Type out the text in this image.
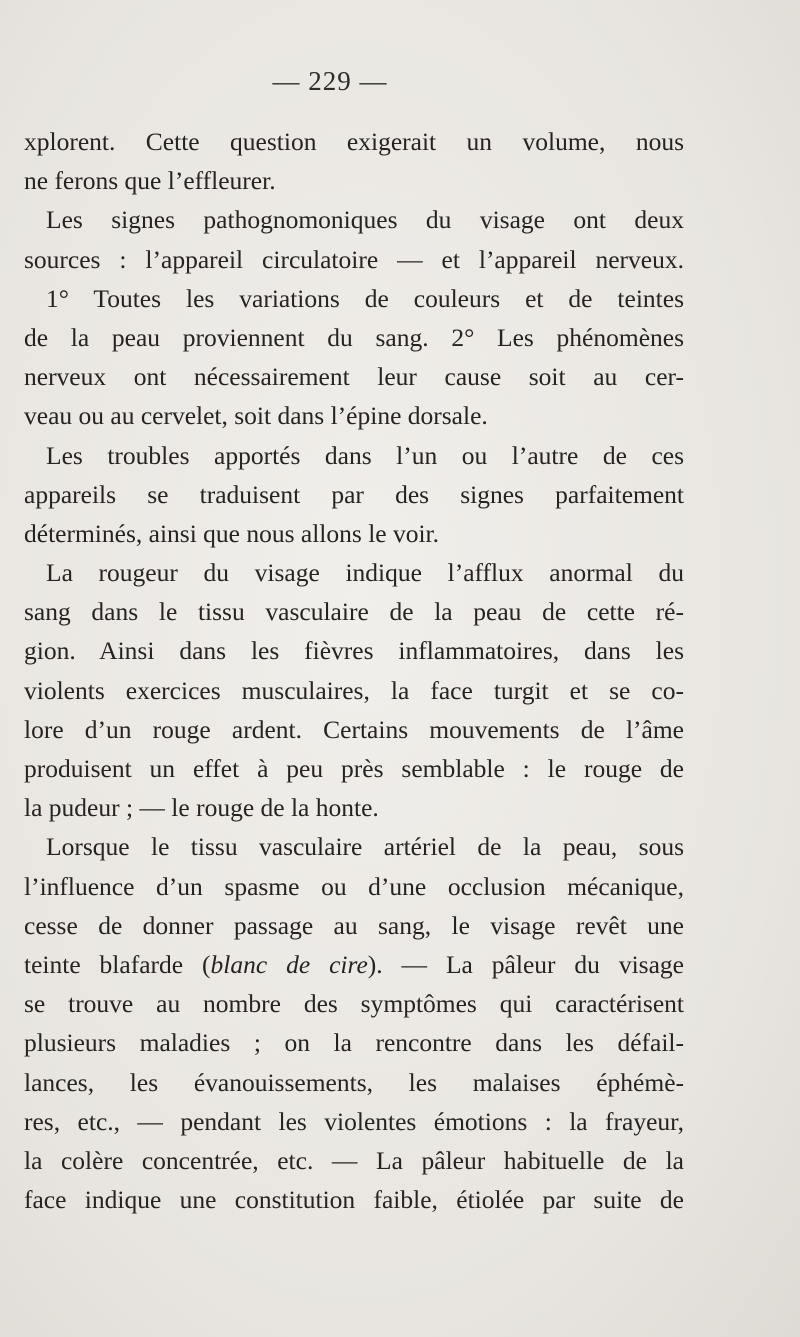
— 229 —
xplorent. Cette question exigerait un volume, nous
ne ferons que l’effleurer.
Les signes pathognomoniques du visage ont deux
sources : l’appareil circulatoire — et l’appareil nerveux.
1° Toutes les variations de couleurs et de teintes
de la peau proviennent du sang. 2° Les phénomènes
nerveux ont nécessairement leur cause soit au cer-
veau ou au cervelet, soit dans l’épine dorsale.
Les troubles apportés dans l’un ou l’autre de ces
appareils se traduisent par des signes parfaitement
déterminés, ainsi que nous allons le voir.
La rougeur du visage indique l’afflux anormal du
sang dans le tissu vasculaire de la peau de cette ré-
gion. Ainsi dans les fièvres inflammatoires, dans les
violents exercices musculaires, la face turgit et se co-
lore d’un rouge ardent. Certains mouvements de l’âme
produisent un effet à peu près semblable : le rouge de
la pudeur ; — le rouge de la honte.
Lorsque le tissu vasculaire artériel de la peau, sous
l’influence d’un spasme ou d’une occlusion mécanique,
cesse de donner passage au sang, le visage revêt une
teinte blafarde (blanc de cire). — La pâleur du visage
se trouve au nombre des symptômes qui caractérisent
plusieurs maladies ; on la rencontre dans les défail-
lances, les évanouissements, les malaises éphémè-
res, etc., — pendant les violentes émotions : la frayeur,
la colère concentrée, etc. — La pâleur habituelle de la
face indique une constitution faible, étiolée par suite de
